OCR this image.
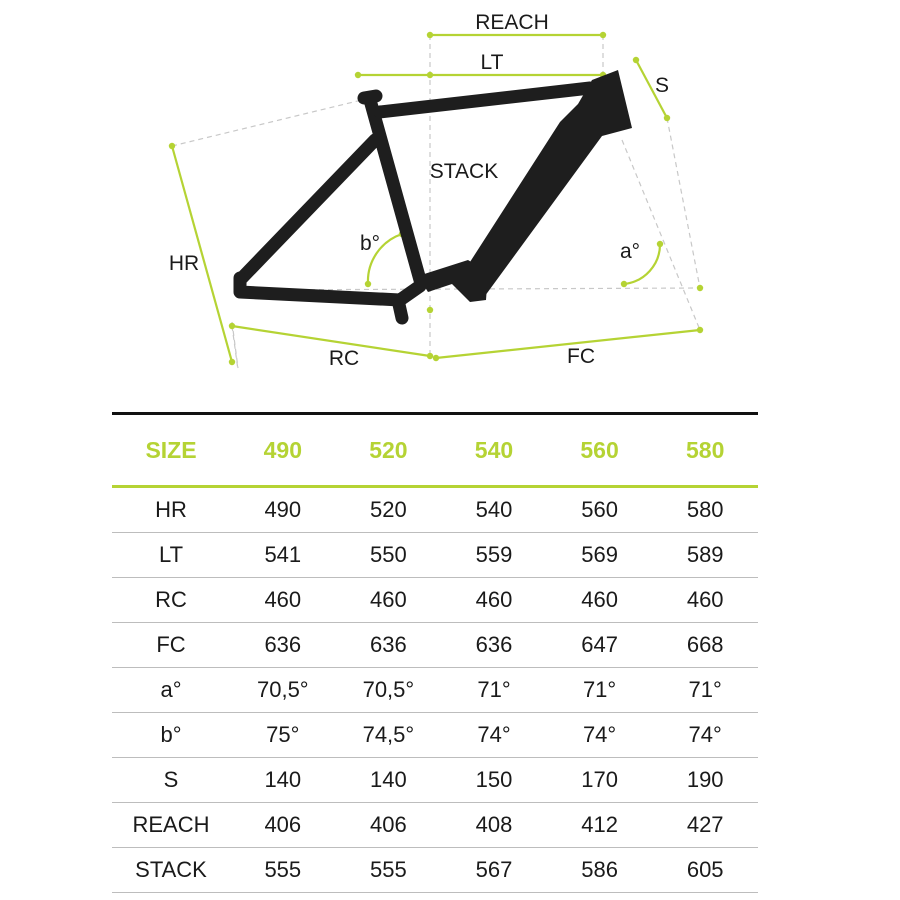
REACH
LT
S
STACK
HR
RC	FC
b°	a°
SIZE	490	520	540	560	580
HR	490	520	540	560	580
LT	541	550	559	569	589
RC	460	460	460	460	460
FC	636	636	636	647	668
a°	70,5°	70,5°	71°	71°	71°
b°	75°	74,5°	74°	74°	74°
S	140	140	150	170	190
REACH	406	406	408	412	427
STACK	555	555	567	586	605
